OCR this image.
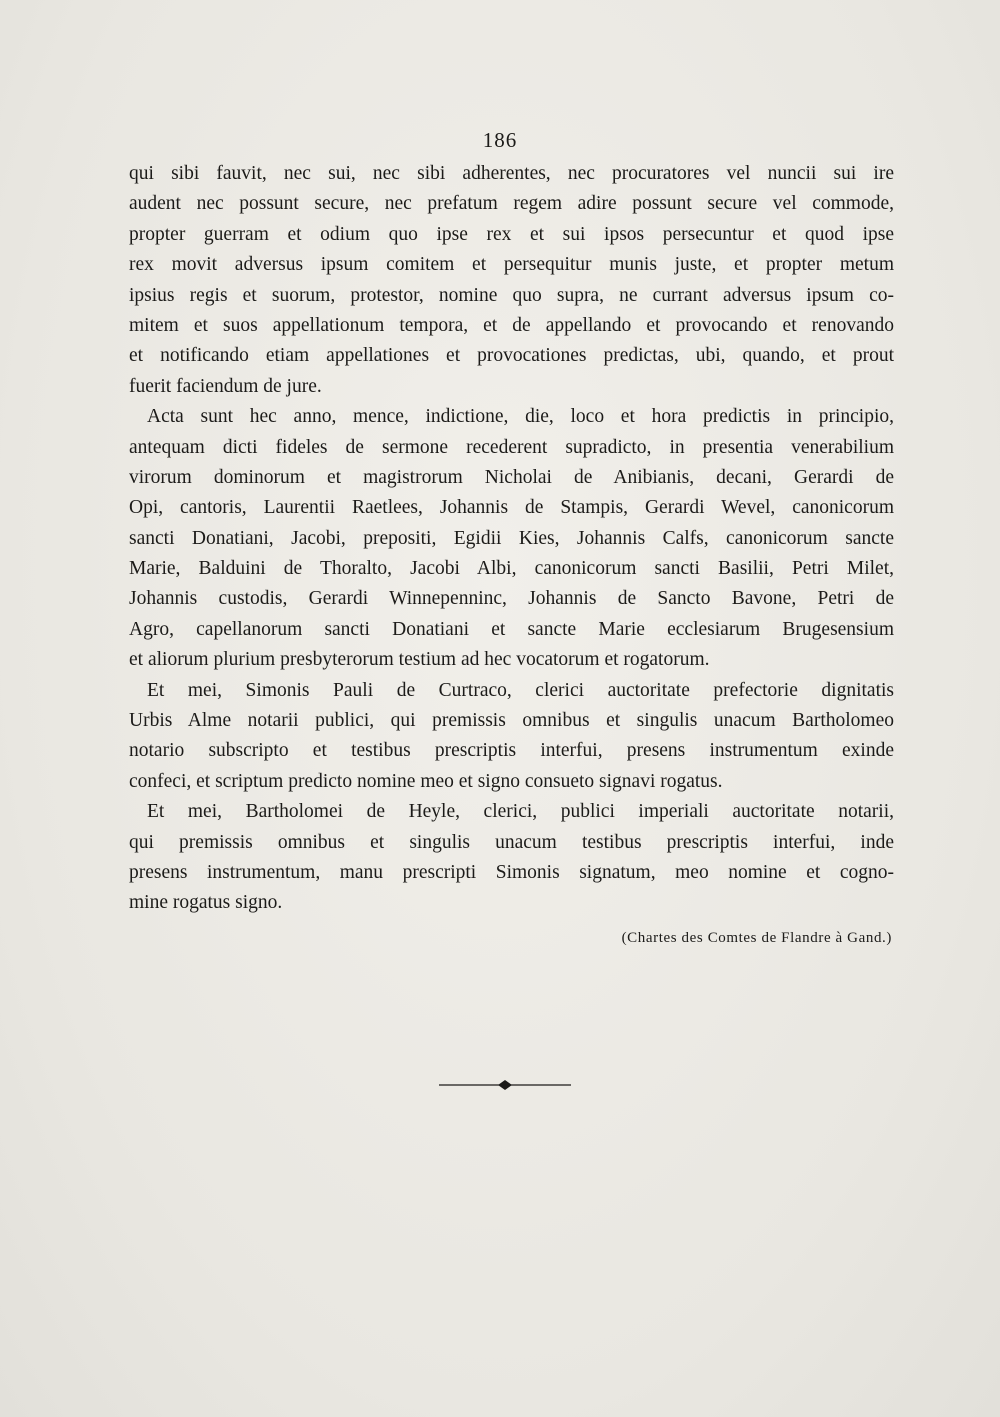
186
qui sibi fauvit, nec sui, nec sibi adherentes, nec procuratores vel nuncii sui ire
audent nec possunt secure, nec prefatum regem adire possunt secure vel commode,
propter guerram et odium quo ipse rex et sui ipsos persecuntur et quod ipse
rex movit adversus ipsum comitem et persequitur munis juste, et propter metum
ipsius regis et suorum, protestor, nomine quo supra, ne currant adversus ipsum co-
mitem et suos appellationum tempora, et de appellando et provocando et renovando
et notificando etiam appellationes et provocationes predictas, ubi, quando, et prout
fuerit faciendum de jure.
Acta sunt hec anno, mence, indictione, die, loco et hora predictis in principio,
antequam dicti fideles de sermone recederent supradicto, in presentia venerabilium
virorum dominorum et magistrorum Nicholai de Anibianis, decani, Gerardi de
Opi, cantoris, Laurentii Raetlees, Johannis de Stampis, Gerardi Wevel, canonicorum
sancti Donatiani, Jacobi, prepositi, Egidii Kies, Johannis Calfs, canonicorum sancte
Marie, Balduini de Thoralto, Jacobi Albi, canonicorum sancti Basilii, Petri Milet,
Johannis custodis, Gerardi Winnepenninc, Johannis de Sancto Bavone, Petri de
Agro, capellanorum sancti Donatiani et sancte Marie ecclesiarum Brugesensium
et aliorum plurium presbyterorum testium ad hec vocatorum et rogatorum.
Et mei, Simonis Pauli de Curtraco, clerici auctoritate prefectorie dignitatis
Urbis Alme notarii publici, qui premissis omnibus et singulis unacum Bartholomeo
notario subscripto et testibus prescriptis interfui, presens instrumentum exinde
confeci, et scriptum predicto nomine meo et signo consueto signavi rogatus.
Et mei, Bartholomei de Heyle, clerici, publici imperiali auctoritate notarii,
qui premissis omnibus et singulis unacum testibus prescriptis interfui, inde
presens instrumentum, manu prescripti Simonis signatum, meo nomine et cogno-
mine rogatus signo.
(Chartes des Comtes de Flandre à Gand.)
